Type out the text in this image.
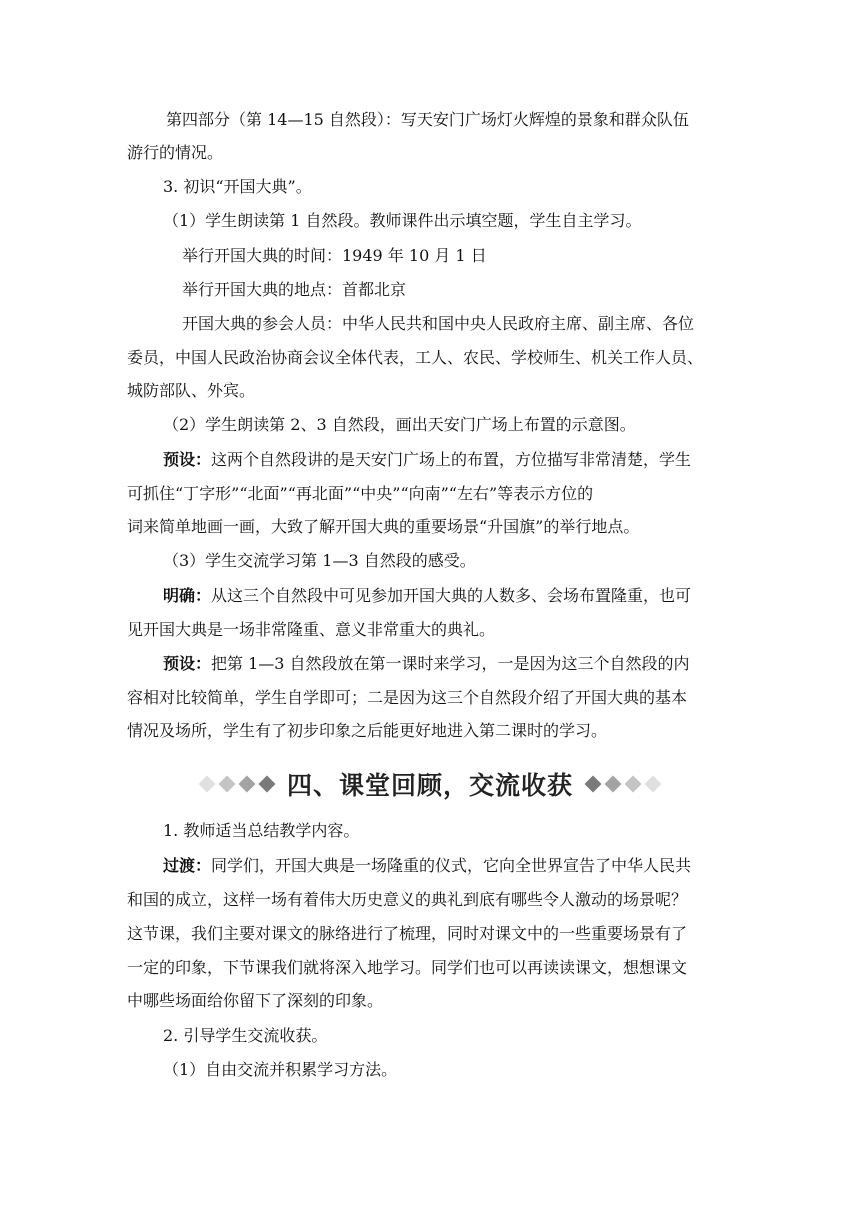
第四部分（第 14—15 自然段）：写天安门广场灯火辉煌的景象和群众队伍
游行的情况。
3. 初识“开国大典”。
（1）学生朗读第 1 自然段。教师课件出示填空题，学生自主学习。
举行开国大典的时间：1949 年 10 月 1 日
举行开国大典的地点：首都北京
开国大典的参会人员：中华人民共和国中央人民政府主席、副主席、各位
委员，中国人民政治协商会议全体代表，工人、农民、学校师生、机关工作人员、
城防部队、外宾。
（2）学生朗读第 2、3 自然段，画出天安门广场上布置的示意图。
预设：这两个自然段讲的是天安门广场上的布置，方位描写非常清楚，学生
可抓住“丁字形”“北面”“再北面”“中央”“向南”“左右”等表示方位的
词来简单地画一画，大致了解开国大典的重要场景“升国旗”的举行地点。
（3）学生交流学习第 1—3 自然段的感受。
明确：从这三个自然段中可见参加开国大典的人数多、会场布置隆重，也可
见开国大典是一场非常隆重、意义非常重大的典礼。
预设：把第 1—3 自然段放在第一课时来学习，一是因为这三个自然段的内
容相对比较简单，学生自学即可；二是因为这三个自然段介绍了开国大典的基本
情况及场所，学生有了初步印象之后能更好地进入第二课时的学习。
四、课堂回顾，交流收获
1. 教师适当总结教学内容。
过渡：同学们，开国大典是一场隆重的仪式，它向全世界宣告了中华人民共
和国的成立，这样一场有着伟大历史意义的典礼到底有哪些令人激动的场景呢？
这节课，我们主要对课文的脉络进行了梳理，同时对课文中的一些重要场景有了
一定的印象，下节课我们就将深入地学习。同学们也可以再读读课文，想想课文
中哪些场面给你留下了深刻的印象。
2. 引导学生交流收获。
（1）自由交流并积累学习方法。
